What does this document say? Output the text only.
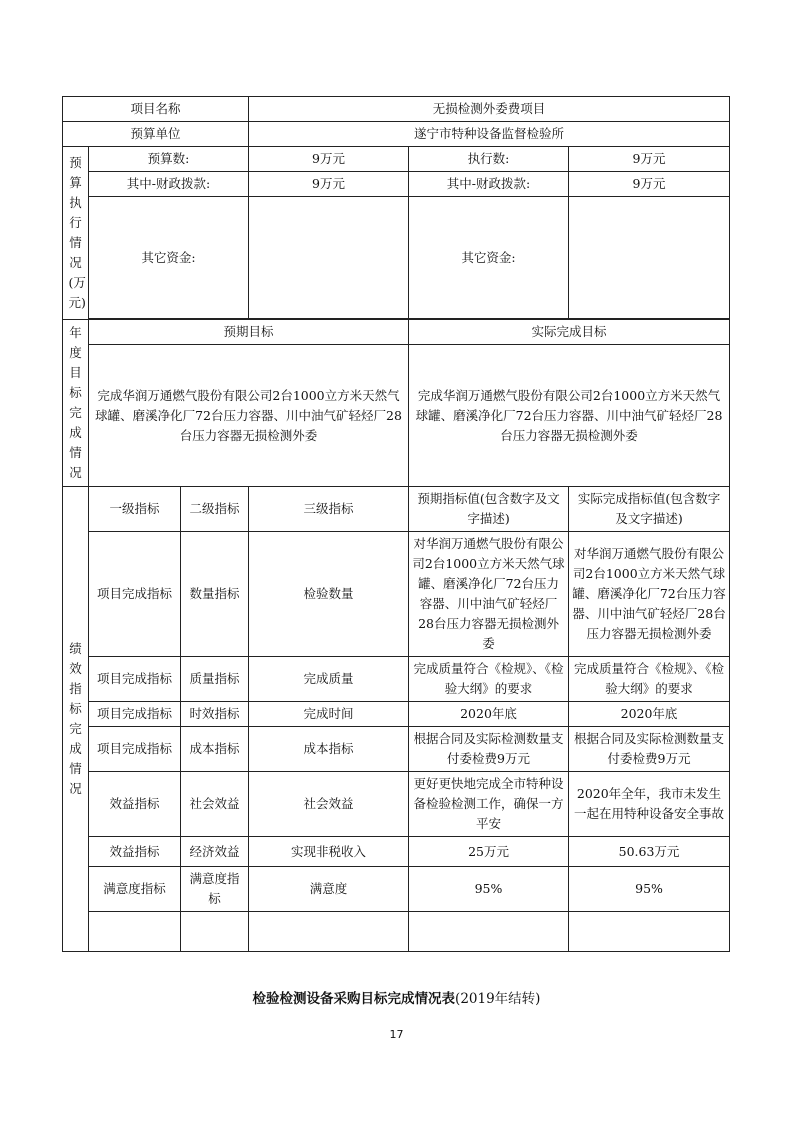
项目名称			无损检测外委费项目		
预算单位			遂宁市特种设备监督检验所		

预算执行情况(万元)	预算数:		9万元	执行数:	9万元
	其中-财政拨款:		9万元	其中-财政拨款:	9万元
	其它资金:			其它资金:	

年度目标完成情况	预期目标			实际完成目标	
	完成华润万通燃气股份有限公司2台1000立方米天然气球罐、磨溪净化厂72台压力容器、川中油气矿轻烃厂28台压力容器无损检测外委			完成华润万通燃气股份有限公司2台1000立方米天然气球罐、磨溪净化厂72台压力容器、川中油气矿轻烃厂28台压力容器无损检测外委	

绩效指标完成情况	一级指标	二级指标	三级指标	预期指标值(包含数字及文字描述)	实际完成指标值(包含数字及文字描述)
	项目完成指标	数量指标	检验数量	对华润万通燃气股份有限公司2台1000立方米天然气球罐、磨溪净化厂72台压力容器、川中油气矿轻烃厂28台压力容器无损检测外委	对华润万通燃气股份有限公司2台1000立方米天然气球罐、磨溪净化厂72台压力容器、川中油气矿轻烃厂28台压力容器无损检测外委
	项目完成指标	质量指标	完成质量	完成质量符合《检规》、《检验大纲》的要求	完成质量符合《检规》、《检验大纲》的要求
	项目完成指标	时效指标	完成时间	2020年底	2020年底
	项目完成指标	成本指标	成本指标	根据合同及实际检测数量支付委检费9万元	根据合同及实际检测数量支付委检费9万元
	效益指标	社会效益	社会效益	更好更快地完成全市特种设备检验检测工作，确保一方平安	2020年全年，我市未发生一起在用特种设备安全事故
	效益指标	经济效益	实现非税收入	25万元	50.63万元
	满意度指标	满意度指标	满意度	95%	95%

检验检测设备采购目标完成情况表(2019年结转)
17
